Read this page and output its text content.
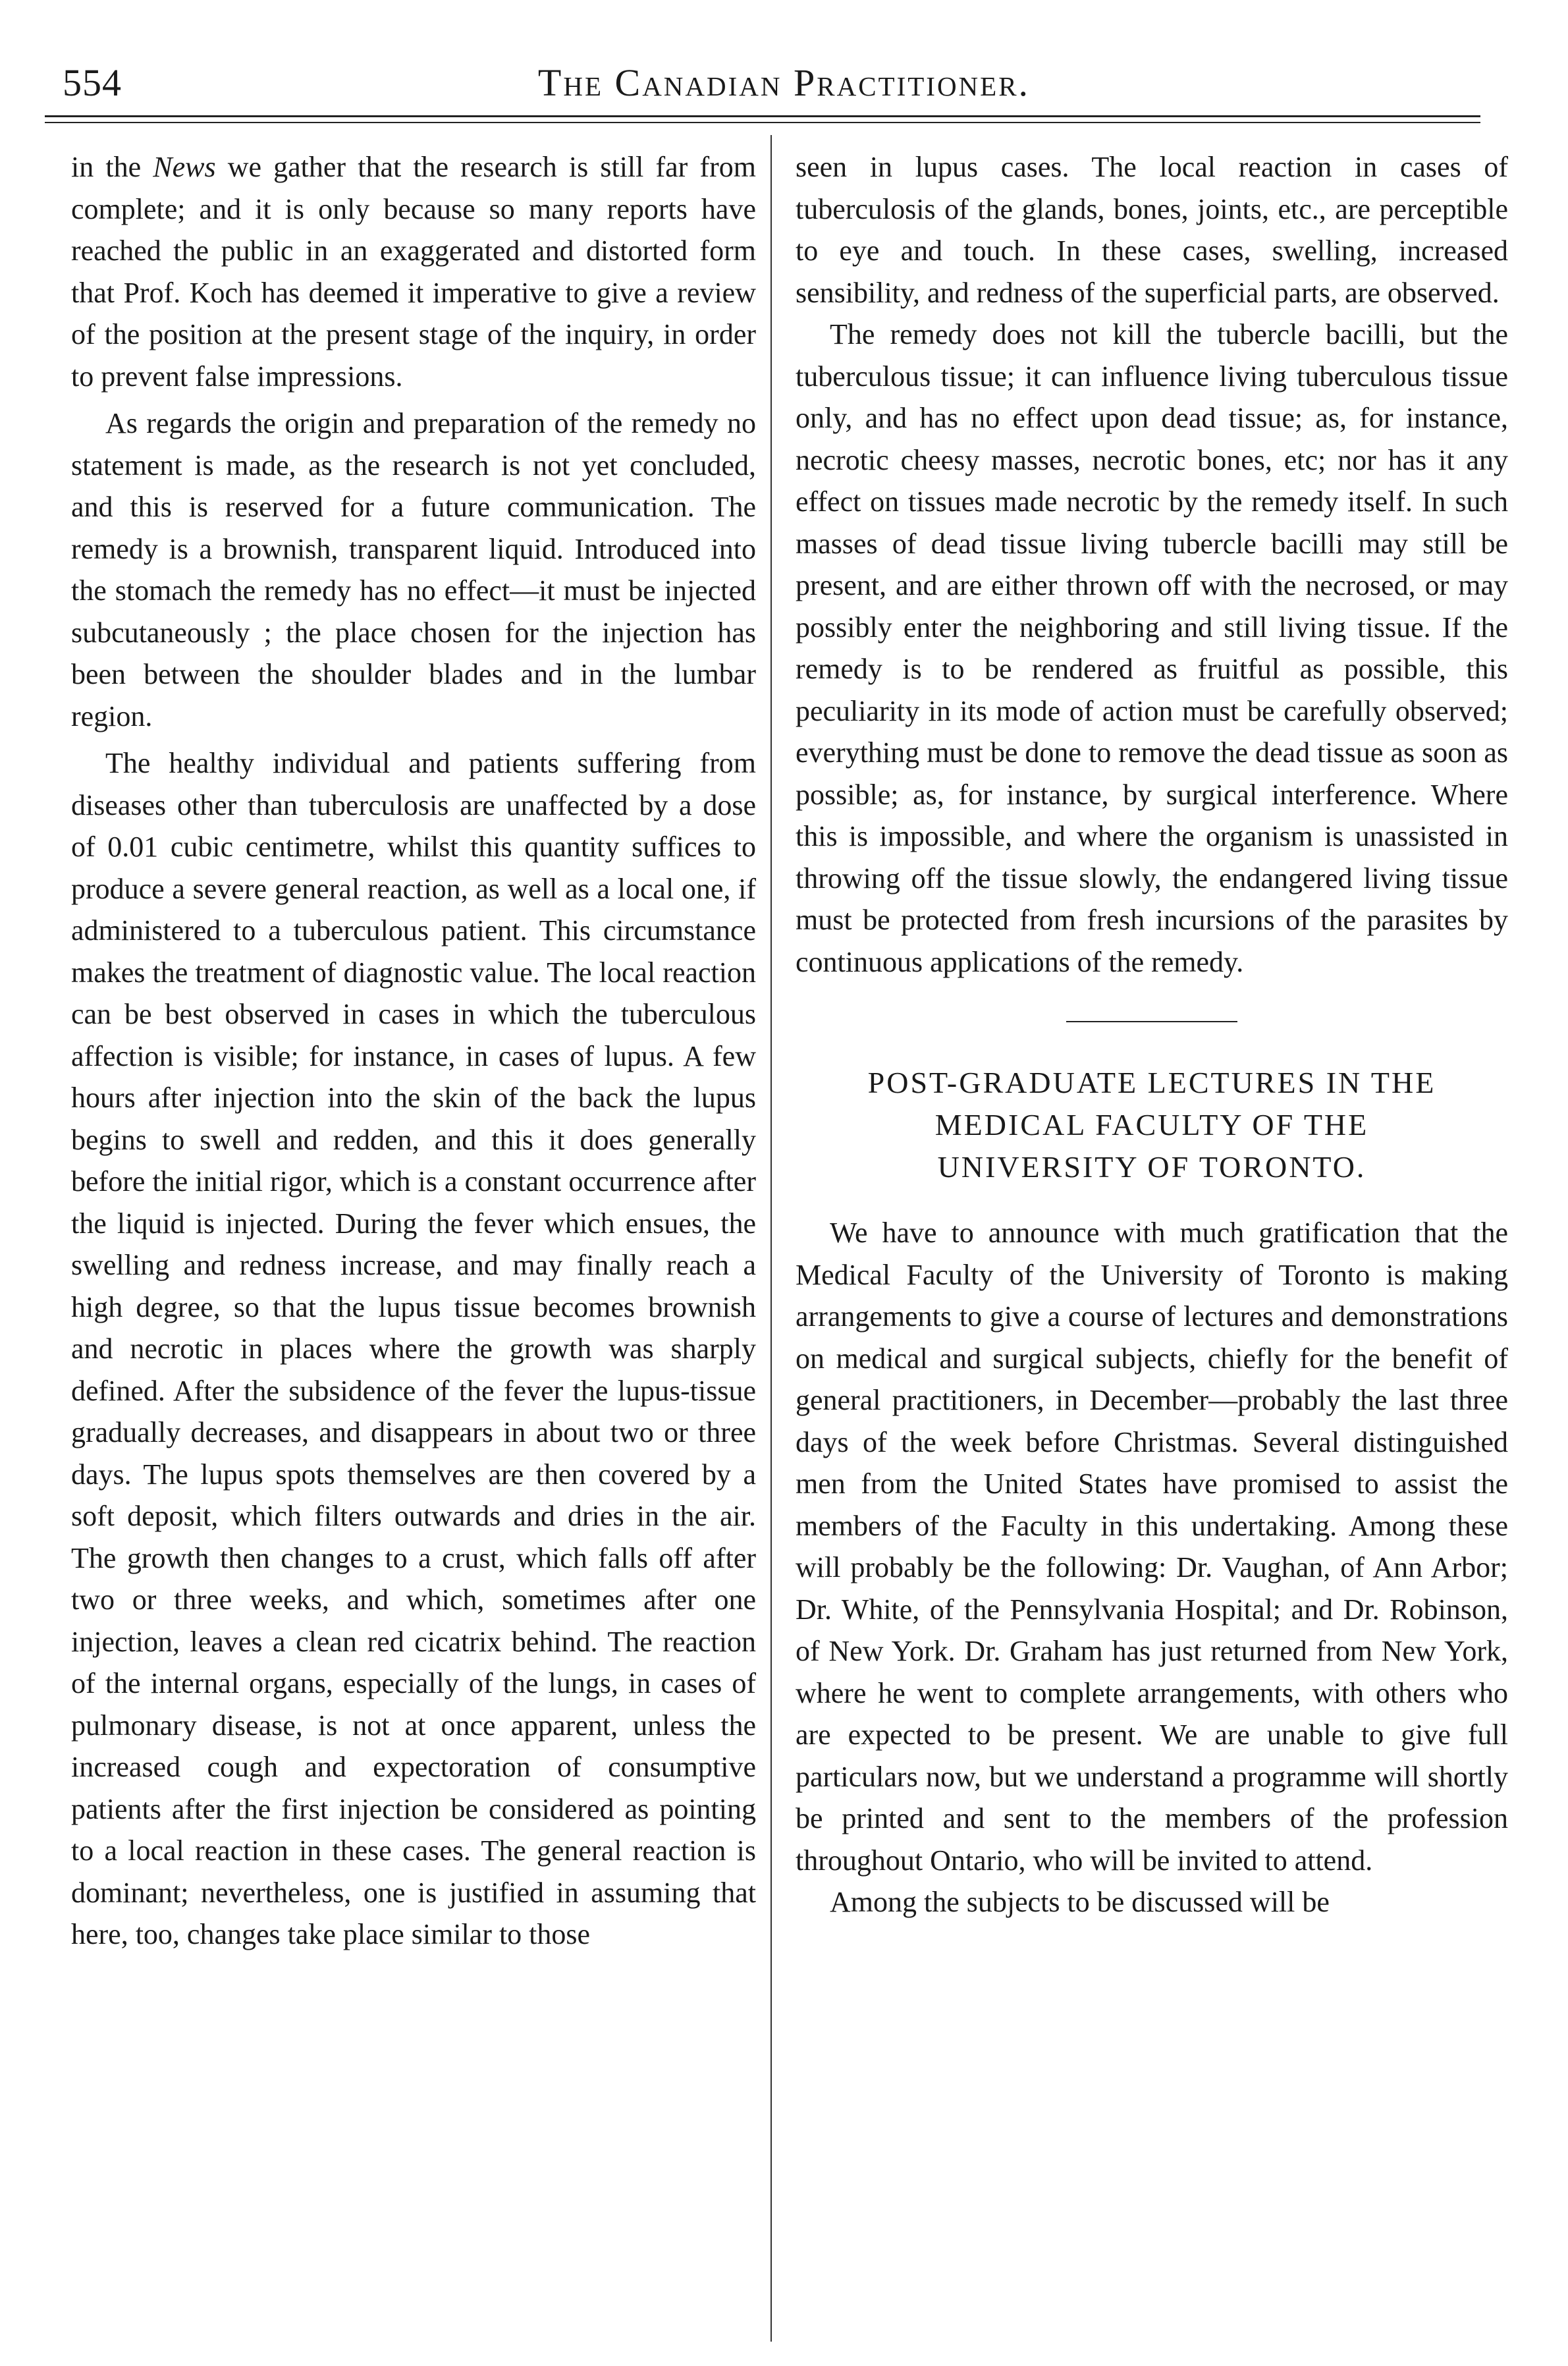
554	The Canadian Practitioner.

in the News we gather that the research is still far from complete; and it is only because so many reports have reached the public in an exaggerated and distorted form that Prof. Koch has deemed it imperative to give a review of the position at the present stage of the inquiry, in order to prevent false impressions.

As regards the origin and preparation of the remedy no statement is made, as the research is not yet concluded, and this is reserved for a future communication. The remedy is a brownish, transparent liquid. Introduced into the stomach the remedy has no effect—it must be injected subcutaneously ; the place chosen for the injection has been between the shoulder blades and in the lumbar region.

The healthy individual and patients suffering from diseases other than tuberculosis are unaffected by a dose of 0.01 cubic centimetre, whilst this quantity suffices to produce a severe general reaction, as well as a local one, if administered to a tuberculous patient. This circumstance makes the treatment of diagnostic value. The local reaction can be best observed in cases in which the tuberculous affection is visible; for instance, in cases of lupus. A few hours after injection into the skin of the back the lupus begins to swell and redden, and this it does generally before the initial rigor, which is a constant occurrence after the liquid is injected. During the fever which ensues, the swelling and redness increase, and may finally reach a high degree, so that the lupus tissue becomes brownish and necrotic in places where the growth was sharply defined. After the subsidence of the fever the lupus-tissue gradually decreases, and disappears in about two or three days. The lupus spots themselves are then covered by a soft deposit, which filters outwards and dries in the air. The growth then changes to a crust, which falls off after two or three weeks, and which, sometimes after one injection, leaves a clean red cicatrix behind. The reaction of the internal organs, especially of the lungs, in cases of pulmonary disease, is not at once apparent, unless the increased cough and expectoration of consumptive patients after the first injection be considered as pointing to a local reaction in these cases. The general reaction is dominant; nevertheless, one is justified in assuming that here, too, changes take place similar to those

seen in lupus cases. The local reaction in cases of tuberculosis of the glands, bones, joints, etc., are perceptible to eye and touch. In these cases, swelling, increased sensibility, and redness of the superficial parts, are observed.

The remedy does not kill the tubercle bacilli, but the tuberculous tissue; it can influence living tuberculous tissue only, and has no effect upon dead tissue; as, for instance, necrotic cheesy masses, necrotic bones, etc; nor has it any effect on tissues made necrotic by the remedy itself. In such masses of dead tissue living tubercle bacilli may still be present, and are either thrown off with the necrosed, or may possibly enter the neighboring and still living tissue. If the remedy is to be rendered as fruitful as possible, this peculiarity in its mode of action must be carefully observed; everything must be done to remove the dead tissue as soon as possible; as, for instance, by surgical interference. Where this is impossible, and where the organism is unassisted in throwing off the tissue slowly, the endangered living tissue must be protected from fresh incursions of the parasites by continuous applications of the remedy.

POST-GRADUATE LECTURES IN THE
MEDICAL FACULTY OF THE
UNIVERSITY OF TORONTO.

We have to announce with much gratification that the Medical Faculty of the University of Toronto is making arrangements to give a course of lectures and demonstrations on medical and surgical subjects, chiefly for the benefit of general practitioners, in December—probably the last three days of the week before Christmas. Several distinguished men from the United States have promised to assist the members of the Faculty in this undertaking. Among these will probably be the following: Dr. Vaughan, of Ann Arbor; Dr. White, of the Pennsylvania Hospital; and Dr. Robinson, of New York. Dr. Graham has just returned from New York, where he went to complete arrangements, with others who are expected to be present. We are unable to give full particulars now, but we understand a programme will shortly be printed and sent to the members of the profession throughout Ontario, who will be invited to attend.

Among the subjects to be discussed will be
